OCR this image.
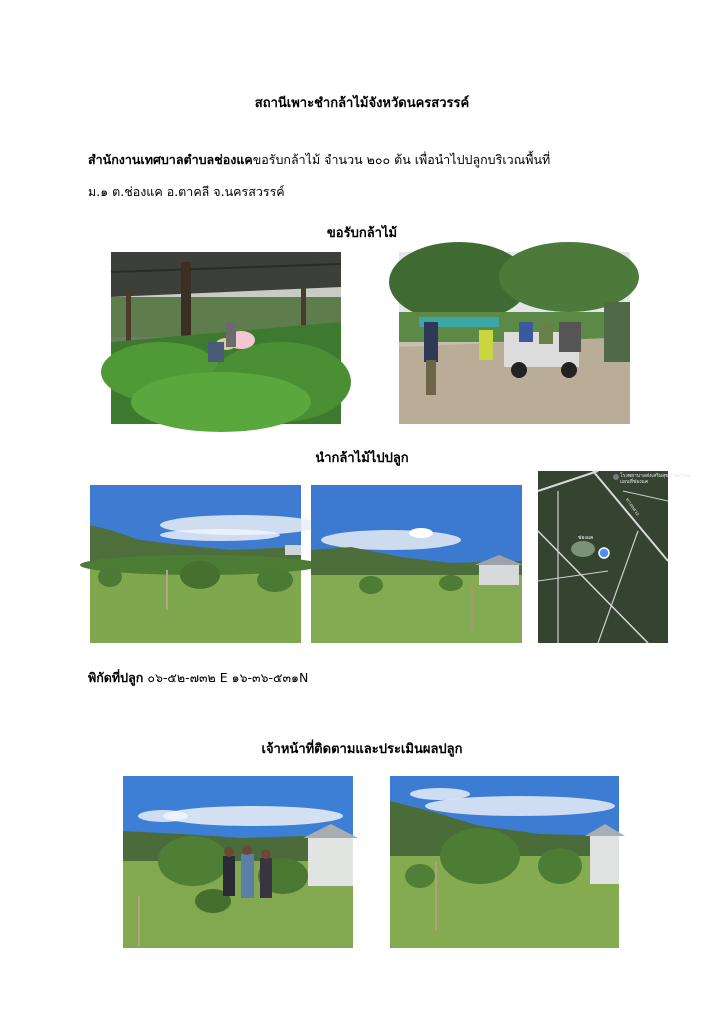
สถานีเพาะชำกล้าไม้จังหวัดนครสวรรค์
สำนักงานเทศบาลตำบลช่องแคขอรับกล้าไม้ จำนวน ๒๐๐ ต้น เพื่อนำไปปลูกบริเวณพื้นที่
ม.๑ ต.ช่องแค อ.ตาคลี จ.นครสวรรค์
ขอรับกล้าไม้
นำกล้าไม้ไปปลูก
โรงพยาบาลส่งเสริมสุขภาพตำบล
แผนที่ช่องแค
ช่องแค
ทางหลวง
พิกัดที่ปลูก ๐๖-๕๒-๗๓๒ E ๑๖-๓๖-๕๓๑N
เจ้าหน้าที่ติดตามและประเมินผลปลูก
